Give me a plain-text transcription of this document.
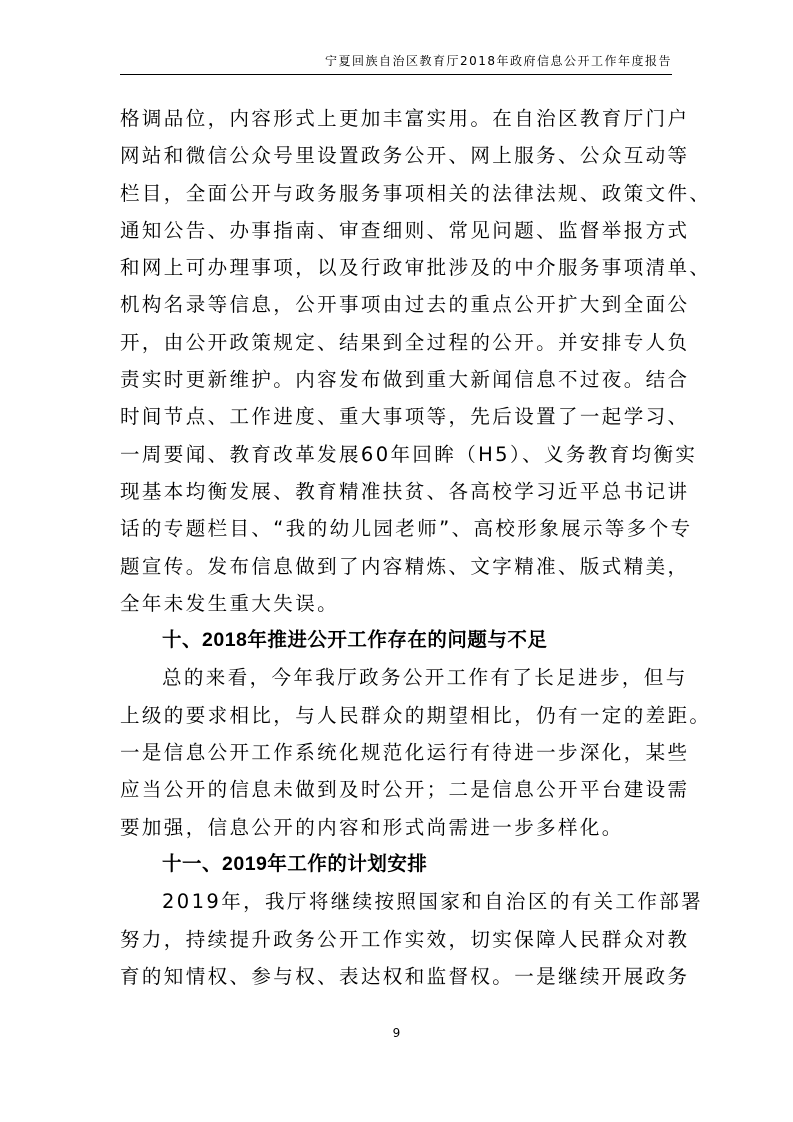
宁夏回族自治区教育厅2018年政府信息公开工作年度报告
格调品位，内容形式上更加丰富实用。在自治区教育厅门户
网站和微信公众号里设置政务公开、网上服务、公众互动等
栏目，全面公开与政务服务事项相关的法律法规、政策文件、
通知公告、办事指南、审查细则、常见问题、监督举报方式
和网上可办理事项，以及行政审批涉及的中介服务事项清单、
机构名录等信息，公开事项由过去的重点公开扩大到全面公
开，由公开政策规定、结果到全过程的公开。并安排专人负
责实时更新维护。内容发布做到重大新闻信息不过夜。结合
时间节点、工作进度、重大事项等，先后设置了一起学习、
一周要闻、教育改革发展60年回眸（H5）、义务教育均衡实
现基本均衡发展、教育精准扶贫、各高校学习近平总书记讲
话的专题栏目、“我的幼儿园老师”、高校形象展示等多个专
题宣传。发布信息做到了内容精炼、文字精准、版式精美，
全年未发生重大失误。
十、2018年推进公开工作存在的问题与不足
总的来看，今年我厅政务公开工作有了长足进步，但与
上级的要求相比，与人民群众的期望相比，仍有一定的差距。
一是信息公开工作系统化规范化运行有待进一步深化，某些
应当公开的信息未做到及时公开；二是信息公开平台建设需
要加强，信息公开的内容和形式尚需进一步多样化。
十一、2019年工作的计划安排
2019年，我厅将继续按照国家和自治区的有关工作部署
努力，持续提升政务公开工作实效，切实保障人民群众对教
育的知情权、参与权、表达权和监督权。一是继续开展政务
9
